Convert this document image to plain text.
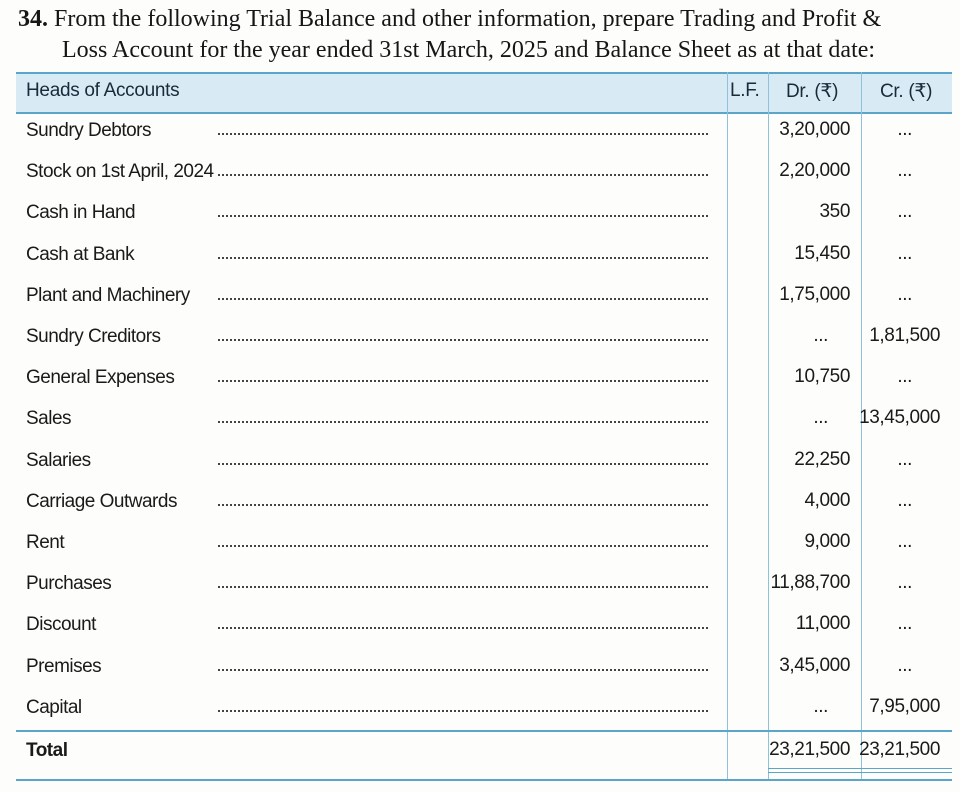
34. From the following Trial Balance and other information, prepare Trading and Profit &
Loss Account for the year ended 31st March, 2025 and Balance Sheet as at that date:
Heads of Accounts	L.F. Dr. (₹) Cr. (₹)
Sundry Debtors	3,20,000 ...
Stock on 1st April, 2024	2,20,000 ...
Cash in Hand	350 ...
Cash at Bank	15,450 ...
Plant and Machinery	1,75,000 ...
Sundry Creditors	... 1,81,500
General Expenses	10,750 ...
Sales	... 13,45,000
Salaries	22,250 ...
Carriage Outwards	4,000 ...
Rent	9,000 ...
Purchases	11,88,700 ...
Discount	11,000 ...
Premises	3,45,000 ...
Capital	... 7,95,000
Total	23,21,500 23,21,500
